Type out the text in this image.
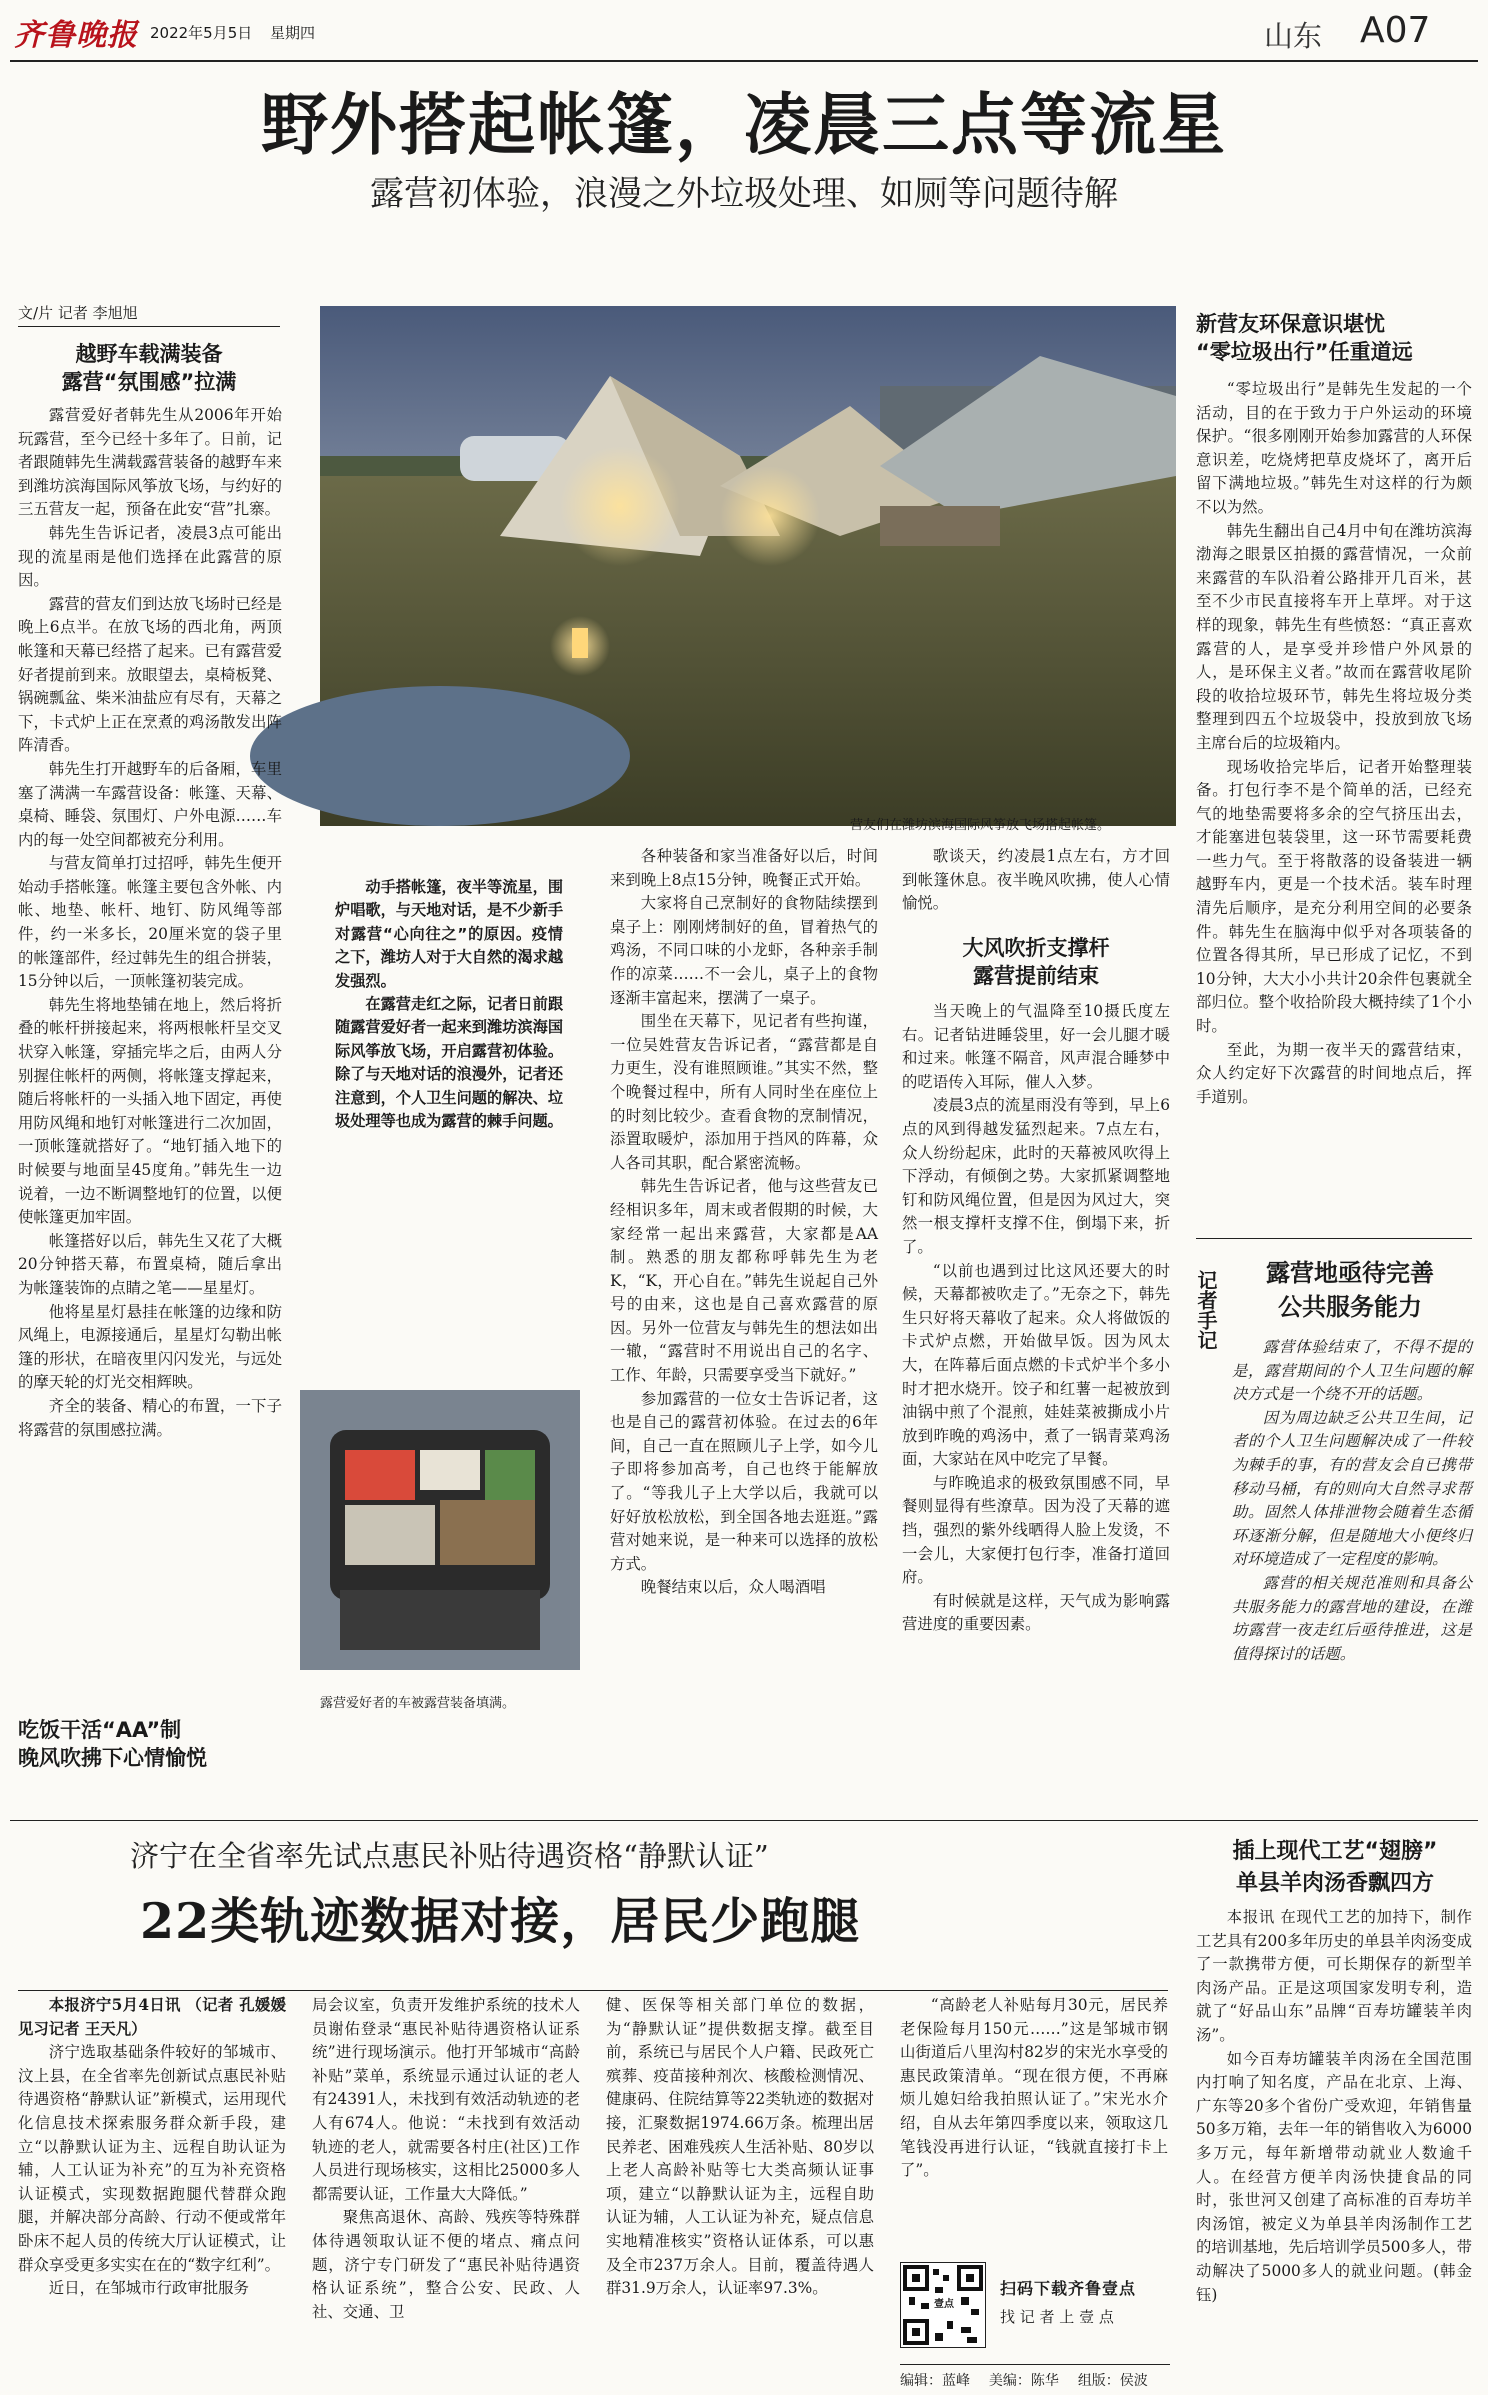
齐鲁晚报 2022年5月5日 星期四	山东 A07
野外搭起帐篷，凌晨三点等流星
露营初体验，浪漫之外垃圾处理、如厕等问题待解
文/片 记者 李旭旭
营友们在潍坊滨海国际风筝放飞场搭起帐篷。
越野车载满装备
露营“氛围感”拉满

露营爱好者韩先生从2006年开始玩露营，至今已经十多年了。日前，记者跟随韩先生满载露营装备的越野车来到潍坊滨海国际风筝放飞场，与约好的三五营友一起，预备在此安“营”扎寨。

韩先生告诉记者，凌晨3点可能出现的流星雨是他们选择在此露营的原因。

露营的营友们到达放飞场时已经是晚上6点半。在放飞场的西北角，两顶帐篷和天幕已经搭了起来。已有露营爱好者提前到来。放眼望去，桌椅板凳、锅碗瓢盆、柴米油盐应有尽有，天幕之下，卡式炉上正在烹煮的鸡汤散发出阵阵清香。

韩先生打开越野车的后备厢，车里塞了满满一车露营设备：帐篷、天幕、桌椅、睡袋、氛围灯、户外电源……车内的每一处空间都被充分利用。

与营友简单打过招呼，韩先生便开始动手搭帐篷。帐篷主要包含外帐、内帐、地垫、帐杆、地钉、防风绳等部件，约一米多长，20厘米宽的袋子里的帐篷部件，经过韩先生的组合拼装，15分钟以后，一顶帐篷初装完成。

韩先生将地垫铺在地上，然后将折叠的帐杆拼接起来，将两根帐杆呈交叉状穿入帐篷，穿插完毕之后，由两人分别握住帐杆的两侧，将帐篷支撑起来，随后将帐杆的一头插入地下固定，再使用防风绳和地钉对帐篷进行二次加固，一顶帐篷就搭好了。“地钉插入地下的时候要与地面呈45度角。”韩先生一边说着，一边不断调整地钉的位置，以便使帐篷更加牢固。

帐篷搭好以后，韩先生又花了大概20分钟搭天幕，布置桌椅，随后拿出为帐篷装饰的点睛之笔——星星灯。

他将星星灯悬挂在帐篷的边缘和防风绳上，电源接通后，星星灯勾勒出帐篷的形状，在暗夜里闪闪发光，与远处的摩天轮的灯光交相辉映。

齐全的装备、精心的布置，一下子将露营的氛围感拉满。

吃饭干活“AA”制
晚风吹拂下心情愉悦

动手搭帐篷，夜半等流星，围炉唱歌，与天地对话，是不少新手对露营“心向往之”的原因。疫情之下，潍坊人对于大自然的渴求越发强烈。

在露营走红之际，记者日前跟随露营爱好者一起来到潍坊滨海国际风筝放飞场，开启露营初体验。除了与天地对话的浪漫外，记者还注意到，个人卫生问题的解决、垃圾处理等也成为露营的棘手问题。

露营爱好者的车被露营装备填满。

各种装备和家当准备好以后，时间来到晚上8点15分钟，晚餐正式开始。

大家将自己烹制好的食物陆续摆到桌子上：刚刚烤制好的鱼，冒着热气的鸡汤，不同口味的小龙虾，各种亲手制作的凉菜……不一会儿，桌子上的食物逐渐丰富起来，摆满了一桌子。

围坐在天幕下，见记者有些拘谨，一位吴姓营友告诉记者，“露营都是自力更生，没有谁照顾谁。”其实不然，整个晚餐过程中，所有人同时坐在座位上的时刻比较少。查看食物的烹制情况，添置取暖炉，添加用于挡风的阵幕，众人各司其职，配合紧密流畅。

韩先生告诉记者，他与这些营友已经相识多年，周末或者假期的时候，大家经常一起出来露营，大家都是AA制。熟悉的朋友都称呼韩先生为老K，“K，开心自在。”韩先生说起自己外号的由来，这也是自己喜欢露营的原因。另外一位营友与韩先生的想法如出一辙，“露营时不用说出自己的名字、工作、年龄，只需要享受当下就好。”

参加露营的一位女士告诉记者，这也是自己的露营初体验。在过去的6年间，自己一直在照顾儿子上学，如今儿子即将参加高考，自己也终于能解放了。“等我儿子上大学以后，我就可以好好放松放松，到全国各地去逛逛。”露营对她来说，是一种来可以选择的放松方式。

晚餐结束以后，众人喝酒唱

歌谈天，约凌晨1点左右，方才回到帐篷休息。夜半晚风吹拂，使人心情愉悦。

大风吹折支撑杆
露营提前结束

当天晚上的气温降至10摄氏度左右。记者钻进睡袋里，好一会儿腿才暖和过来。帐篷不隔音，风声混合睡梦中的呓语传入耳际，催人入梦。

凌晨3点的流星雨没有等到，早上6点的风到得越发猛烈起来。7点左右，众人纷纷起床，此时的天幕被风吹得上下浮动，有倾倒之势。大家抓紧调整地钉和防风绳位置，但是因为风过大，突然一根支撑杆支撑不住，倒塌下来，折了。

“以前也遇到过比这风还要大的时候，天幕都被吹走了。”无奈之下，韩先生只好将天幕收了起来。众人将做饭的卡式炉点燃，开始做早饭。因为风太大，在阵幕后面点燃的卡式炉半个多小时才把水烧开。饺子和红薯一起被放到油锅中煎了个混煎，娃娃菜被撕成小片放到昨晚的鸡汤中，煮了一锅青菜鸡汤面，大家站在风中吃完了早餐。

与昨晚追求的极致氛围感不同，早餐则显得有些潦草。因为没了天幕的遮挡，强烈的紫外线晒得人脸上发烫，不一会儿，大家便打包行李，准备打道回府。

有时候就是这样，天气成为影响露营进度的重要因素。

新营友环保意识堪忧
“零垃圾出行”任重道远

“零垃圾出行”是韩先生发起的一个活动，目的在于致力于户外运动的环境保护。“很多刚刚开始参加露营的人环保意识差，吃烧烤把草皮烧坏了，离开后留下满地垃圾。”韩先生对这样的行为颇不以为然。

韩先生翻出自己4月中旬在潍坊滨海渤海之眼景区拍摄的露营情况，一众前来露营的车队沿着公路排开几百米，甚至不少市民直接将车开上草坪。对于这样的现象，韩先生有些愤怒：“真正喜欢露营的人，是享受并珍惜户外风景的人，是环保主义者。”故而在露营收尾阶段的收拾垃圾环节，韩先生将垃圾分类整理到四五个垃圾袋中，投放到放飞场主席台后的垃圾箱内。

现场收拾完毕后，记者开始整理装备。打包行李不是个简单的活，已经充气的地垫需要将多余的空气挤压出去，才能塞进包装袋里，这一环节需要耗费一些力气。至于将散落的设备装进一辆越野车内，更是一个技术活。装车时理清先后顺序，是充分利用空间的必要条件。韩先生在脑海中似乎对各项装备的位置各得其所，早已形成了记忆，不到10分钟，大大小小共计20余件包裹就全部归位。整个收拾阶段大概持续了1个小时。

至此，为期一夜半天的露营结束，众人约定好下次露营的时间地点后，挥手道别。

记者手记	露营地亟待完善
公共服务能力

露营体验结束了，不得不提的是，露营期间的个人卫生问题的解决方式是一个绕不开的话题。

因为周边缺乏公共卫生间，记者的个人卫生问题解决成了一件较为棘手的事，有的营友会自已携带移动马桶，有的则向大自然寻求帮助。固然人体排泄物会随着生态循环逐渐分解，但是随地大小便终归对环境造成了一定程度的影响。

露营的相关规范准则和具备公共服务能力的露营地的建设，在潍坊露营一夜走红后亟待推进，这是值得探讨的话题。

济宁在全省率先试点惠民补贴待遇资格“静默认证”
22类轨迹数据对接，居民少跑腿

本报济宁5月4日讯 （记者 孔媛媛 见习记者 王天凡）

济宁选取基础条件较好的邹城市、汶上县，在全省率先创新试点惠民补贴待遇资格“静默认证”新模式，运用现代化信息技术探索服务群众新手段，建立“以静默认证为主、远程自助认证为辅，人工认证为补充”的互为补充资格认证模式，实现数据跑腿代替群众跑腿，并解决部分高龄、行动不便或常年卧床不起人员的传统大厅认证模式，让群众享受更多实实在在的“数字红利”。

近日，在邹城市行政审批服务

局会议室，负责开发维护系统的技术人员谢佑登录“惠民补贴待遇资格认证系统”进行现场演示。他打开邹城市“高龄补贴”菜单，系统显示通过认证的老人有24391人，未找到有效活动轨迹的老人有674人。他说：“未找到有效活动轨迹的老人，就需要各村庄(社区)工作人员进行现场核实，这相比25000多人都需要认证，工作量大大降低。”

聚焦高退休、高龄、残疾等特殊群体待遇领取认证不便的堵点、痛点问题，济宁专门研发了“惠民补贴待遇资格认证系统”，整合公安、民政、人社、交通、卫

健、医保等相关部门单位的数据，为“静默认证”提供数据支撑。截至目前，系统已与居民个人户籍、民政死亡殡葬、疫苗接种剂次、核酸检测情况、健康码、住院结算等22类轨迹的数据对接，汇聚数据1974.66万条。梳理出居民养老、困难残疾人生活补贴、80岁以上老人高龄补贴等七大类高频认证事项，建立“以静默认证为主，远程自助认证为辅，人工认证为补充，疑点信息实地精准核实”资格认证体系，可以惠及全市237万余人。目前，覆盖待遇人群31.9万余人，认证率97.3%。

“高龄老人补贴每月30元，居民养老保险每月150元……”这是邹城市钢山街道后八里沟村82岁的宋光水享受的惠民政策清单。“现在很方便，不再麻烦儿媳妇给我拍照认证了。”宋光水介绍，自从去年第四季度以来，领取这几笔钱没再进行认证，“钱就直接打卡上了”。

壹点
扫码下载齐鲁壹点
找 记 者 上 壹 点
插上现代工艺“翅膀”
单县羊肉汤香飘四方

本报讯 在现代工艺的加持下，制作工艺具有200多年历史的单县羊肉汤变成了一款携带方便，可长期保存的新型羊肉汤产品。正是这项国家发明专利，造就了“好品山东”品牌“百寿坊罐装羊肉汤”。

如今百寿坊罐装羊肉汤在全国范围内打响了知名度，产品在北京、上海、广东等20多个省份广受欢迎，年销售量50多万箱，去年一年的销售收入为6000多万元，每年新增带动就业人数逾千人。在经营方便羊肉汤快捷食品的同时，张世河又创建了高标准的百寿坊羊肉汤馆，被定义为单县羊肉汤制作工艺的培训基地，先后培训学员500多人，带动解决了5000多人的就业问题。(韩金钰)

编辑：蓝峰 美编：陈华 组版：侯波
